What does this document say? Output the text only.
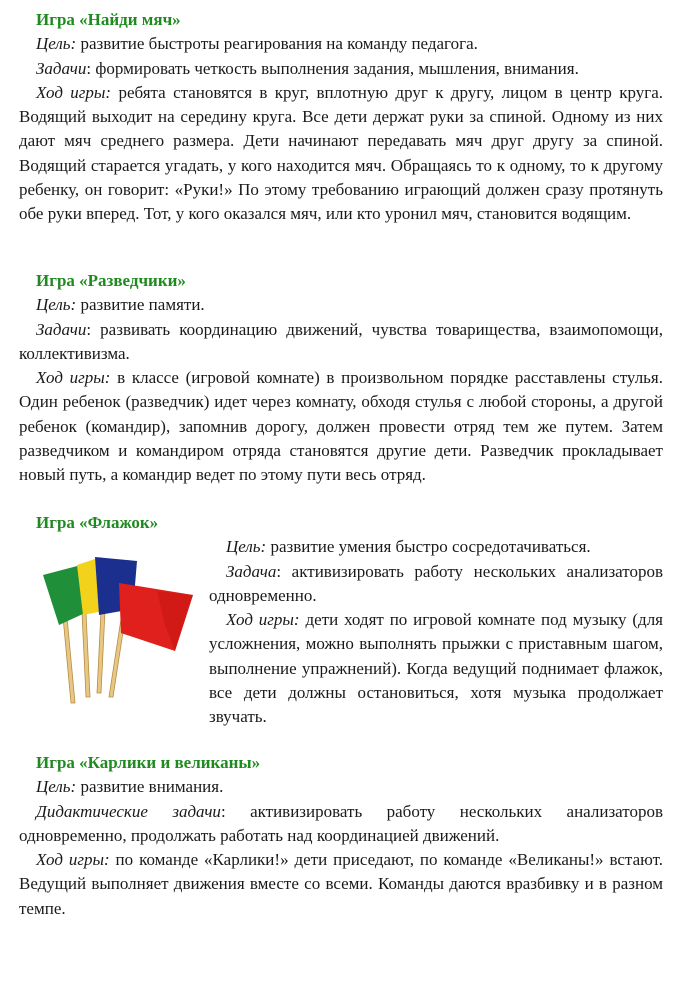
Игра «Найди мяч»

Цель: развитие быстроты реагирования на команду педагога.

Задачи: формировать четкость выполнения задания, мышления, внимания.

Ход игры: ребята становятся в круг, вплотную друг к другу, лицом в центр круга. Водящий выходит на середину круга. Все дети держат руки за спиной. Одному из них дают мяч среднего размера. Дети начинают передавать мяч друг другу за спиной. Водящий старается угадать, у кого находится мяч. Обращаясь то к одному, то к другому ребенку, он говорит: «Руки!» По этому требованию играющий должен сразу протянуть обе руки вперед. Тот, у кого оказался мяч, или кто уронил мяч, становится водящим.

Игра «Разведчики»

Цель: развитие памяти.

Задачи: развивать координацию движений, чувства товарищества, взаимопомощи, коллективизма.

Ход игры: в классе (игровой комнате) в произвольном порядке расставлены стулья. Один ребенок (разведчик) идет через комнату, обходя стулья с любой стороны, а другой ребенок (командир), запомнив дорогу, должен провести отряд тем же путем. Затем разведчиком и командиром отряда становятся другие дети. Разведчик прокладывает новый путь, а командир ведет по этому пути весь отряд.

Игра «Флажок»

Цель: развитие умения быстро сосредотачиваться.

Задача: активизировать работу нескольких анализаторов одновременно.

Ход игры: дети ходят по игровой комнате под музыку (для усложнения, можно выполнять прыжки с приставным шагом, выполнение упражнений). Когда ведущий поднимает флажок, все дети должны остановиться, хотя музыка продолжает звучать.

Игра «Карлики и великаны»

Цель: развитие внимания.

Дидактические задачи: активизировать работу нескольких анализаторов одновременно, продолжать работать над координацией движений.

Ход игры: по команде «Карлики!» дети приседают, по команде «Великаны!» встают. Ведущий выполняет движения вместе со всеми. Команды даются вразбивку и в разном темпе.
